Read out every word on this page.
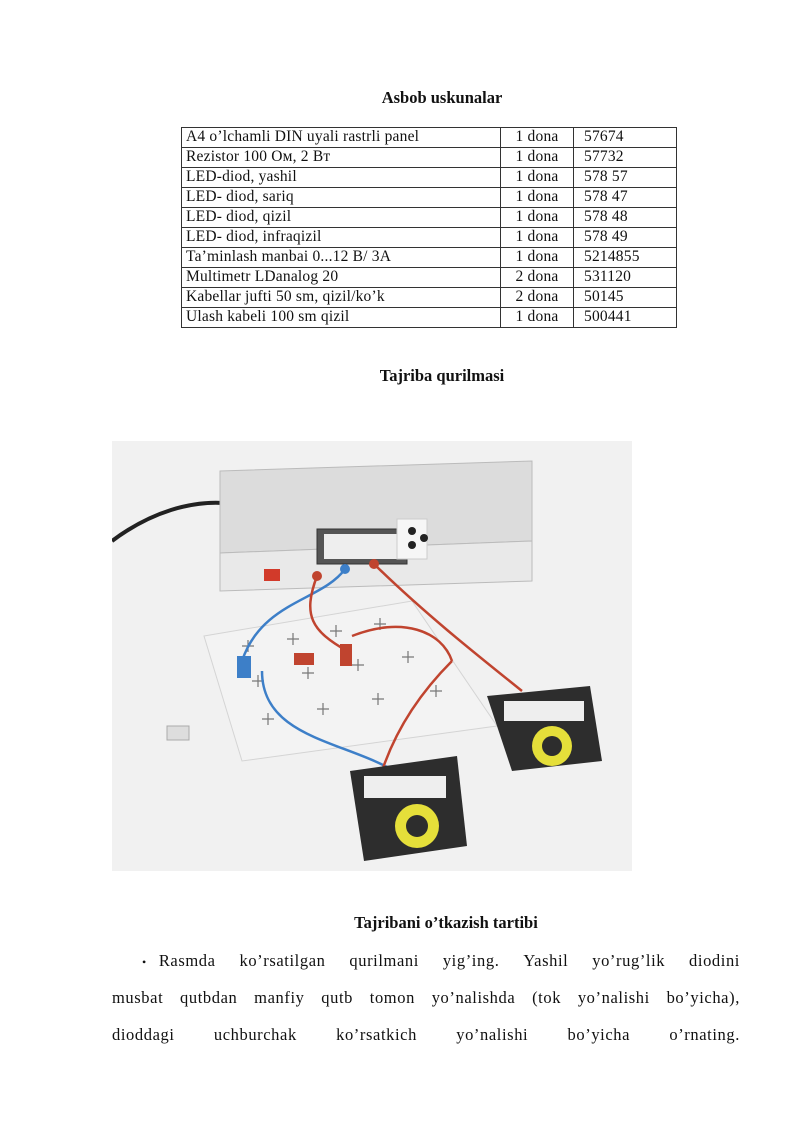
Asbob uskunalar
A4 o’lchamli DIN uyali rastrli panel	1 dona	57674
Rezistor 100 Ом, 2 Вт	1 dona	57732
LED-diod, yashil	1 dona	578 57
LED- diod, sariq	1 dona	578 47
LED- diod, qizil	1 dona	578 48
LED- diod, infraqizil	1 dona	578 49
Ta’minlash manbai 0...12 В/ 3А	1 dona	5214855
Multimetr LDanalog 20	2 dona	531120
Kabellar jufti 50 sm, qizil/ko’k	2 dona	50145
Ulash kabeli 100 sm qizil	1 dona	500441
Tajriba qurilmasi
Tajribani o’tkazish tartibi
• Rasmda ko’rsatilgan qurilmani yig’ing. Yashil yo’rug’lik diodini
musbat qutbdan manfiy qutb tomon yo’nalishda (tok yo’nalishi bo’yicha),
dioddagi uchburchak ko’rsatkich yo’nalishi bo’yicha o’rnating.
